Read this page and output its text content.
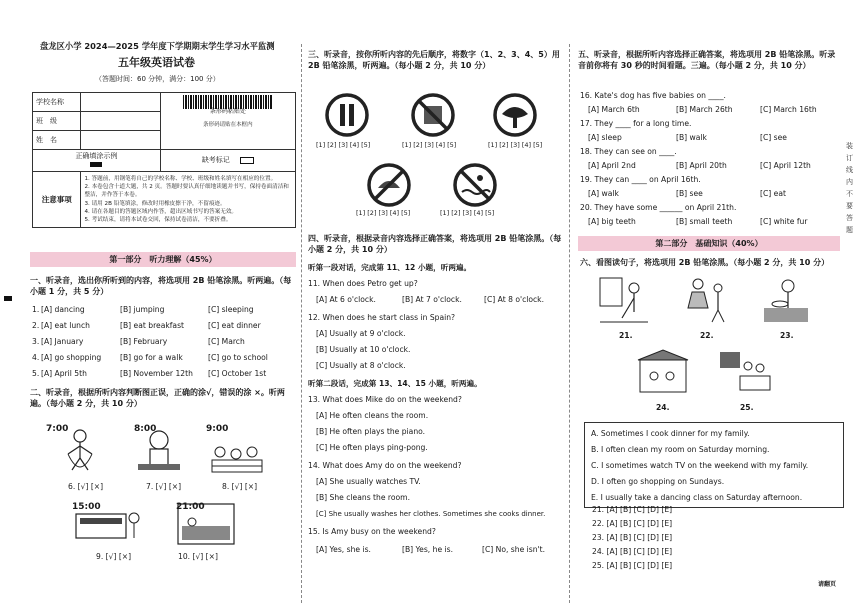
盘龙区小学 2024—2025 学年度下学期期末学生学习水平监测
五年级英语试卷
（答题时间：60 分钟，满分：100 分）
学校名称		条形码粘贴处
条形码请贴在本框内

班　级		
姓　名		
正确填涂示例		缺考标记
注意事项	1. 答题前，用钢笔将自己的学校名称、学校、班级和姓名填写在相应的位置。
2. 本卷包含十道大题，共 2 页。答题时要认真仔细地读题并书写，保持卷面清洁和整洁，并作答于本卷。
3. 请用 2B 铅笔填涂，修改时用橡皮擦干净，不留痕迹。
4. 请在各题目的答题区域内作答，超出区域书写的答案无效。
5. 考试结束，请将本试卷交回，保持试卷清洁，不要折叠。	
第一部分　听力理解（45%）
一、听录音，选出你所听到的内容，将选项用 2B 铅笔涂黑。听两遍。（每小题 1 分，共 5 分）
1. [A] dancing	[B] jumping	[C] sleeping
2. [A] eat lunch	[B] eat breakfast	[C] eat dinner
3. [A] January	[B] February	[C] March
4. [A] go shopping [B] go for a walk	[C] go to school
5. [A] April 5th	[B] November 12th [C] October 1st
二、听录音，根据所听内容判断图正误，正确的涂√，错误的涂 ×。听两遍。（每小题 2 分，共 10 分）
7:00	8:00	9:00
6. [√] [×]	7. [√] [×]	8. [√] [×]
15:00	21:00
9. [√] [×]	10. [√] [×]
三、听录音，按你所听内容的先后顺序，将数字（1、2、3、4、5）用 2B 铅笔涂黑，听两遍。（每小题 2 分，共 10 分）
[1] [2] [3] [4] [5]	[1] [2] [3] [4] [5]	[1] [2] [3] [4] [5]
[1] [2] [3] [4] [5]	[1] [2] [3] [4] [5]
四、听录音，根据录音内容选择正确答案，将选项用 2B 铅笔涂黑。（每小题 2 分，共 10 分）
听第一段对话，完成第 11、12 小题，听两遍。
11. When does Petro get up?
[A] At 6 o'clock.	[B] At 7 o'clock.	[C] At 8 o'clock.
12. When does he start class in Spain?
[A] Usually at 9 o'clock.
[B] Usually at 10 o'clock.
[C] Usually at 8 o'clock.
听第二段话，完成第 13、14、15 小题，听两遍。
13. What does Mike do on the weekend?
[A] He often cleans the room.
[B] He often plays the piano.
[C] He often plays ping-pong.
14. What does Amy do on the weekend?
[A] She usually watches TV.
[B] She cleans the room.
[C] She usually washes her clothes. Sometimes she cooks dinner.
15. Is Amy busy on the weekend?
[A] Yes, she is.	[B] Yes, he is.	[C] No, she isn't.
五、听录音，根据所听内容选择正确答案，将选项用 2B 铅笔涂黑。听录音前你将有 30 秒的时间看题。三遍。（每小题 2 分，共 10 分）
16. Kate's dog has five babies on ____.
[A] March 6th	[B] March 26th	[C] March 16th
17. They ____ for a long time.
[A] sleep	[B] walk	[C] see
18. They can see on ____.
[A] April 2nd	[B] April 20th	[C] April 12th
19. They can ____ on April 16th.
[A] walk	[B] see	[C] eat
20. They have some ______ on April 21th.
[A] big teeth	[B] small teeth	[C] white fur
第二部分　基础知识（40%）
六、看图读句子，将选项用 2B 铅笔涂黑。（每小题 2 分，共 10 分）
21.	22.	23.
24.	25.
A. Sometimes I cook dinner for my family.
B. I often clean my room on Saturday morning.
C. I sometimes watch TV on the weekend with my family.
D. I often go shopping on Sundays.
E. I usually take a dancing class on Saturday afternoon.
21. [A] [B] [C] [D] [E]
22. [A] [B] [C] [D] [E]
23. [A] [B] [C] [D] [E]
24. [A] [B] [C] [D] [E]
25. [A] [B] [C] [D] [E]
请翻页
装订线内不要答题
